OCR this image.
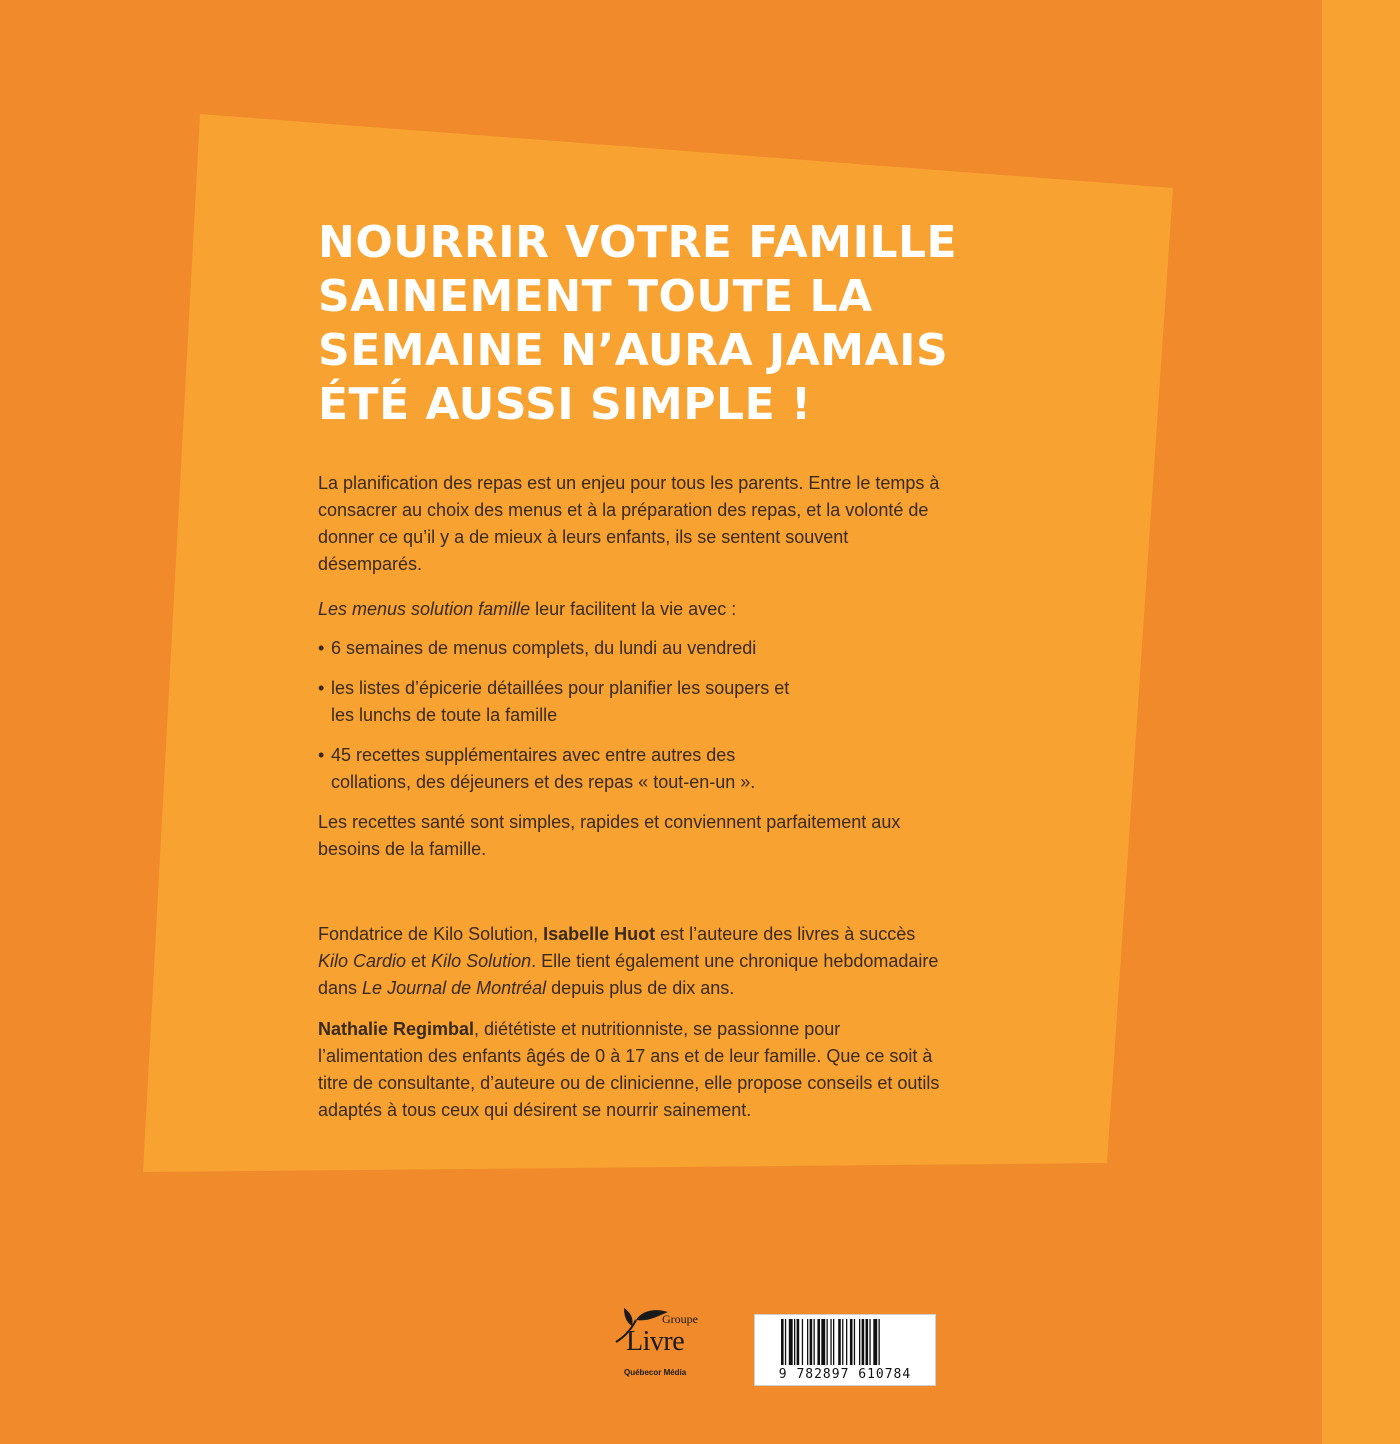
NOURRIR VOTRE FAMILLE
SAINEMENT TOUTE LA
SEMAINE N’AURA JAMAIS
ÉTÉ AUSSI SIMPLE !

La planification des repas est un enjeu pour tous les parents. Entre le temps à consacrer au choix des menus et à la préparation des repas, et la volonté de donner ce qu’il y a de mieux à leurs enfants, ils se sentent souvent désemparés.

Les menus solution famille leur facilitent la vie avec :

• 6 semaines de menus complets, du lundi au vendredi
• les listes d’épicerie détaillées pour planifier les soupers et les lunchs de toute la famille
• 45 recettes supplémentaires avec entre autres des collations, des déjeuners et des repas « tout-en-un ».

Les recettes santé sont simples, rapides et conviennent parfaitement aux besoins de la famille.

Fondatrice de Kilo Solution, Isabelle Huot est l’auteure des livres à succès Kilo Cardio et Kilo Solution. Elle tient également une chronique hebdomadaire dans Le Journal de Montréal depuis plus de dix ans.

Nathalie Regimbal, diététiste et nutritionniste, se passionne pour l’alimentation des enfants âgés de 0 à 17 ans et de leur famille. Que ce soit à titre de consultante, d’auteure ou de clinicienne, elle propose conseils et outils adaptés à tous ceux qui désirent se nourrir sainement.

Groupe
Livre
Québecor Média	9 782897 610784
